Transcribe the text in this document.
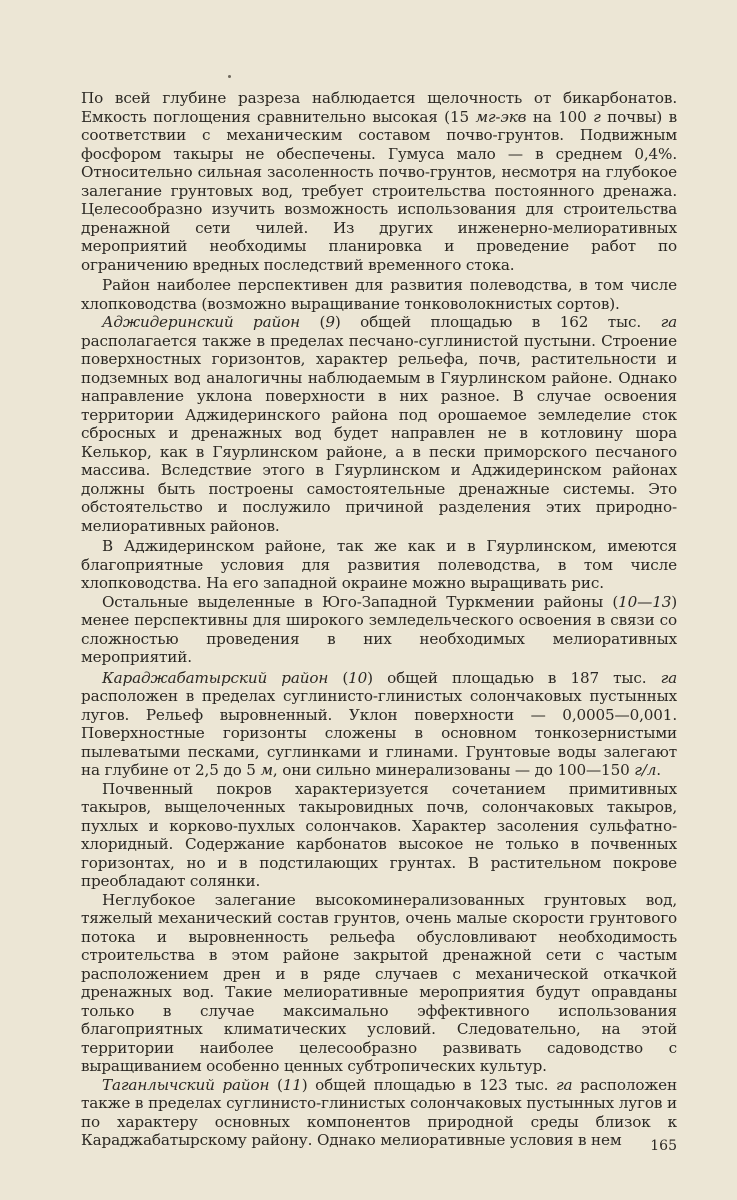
По всей глубине разреза наблюдается щелочность от бикарбонатов. Емкость поглощения сравнительно высокая (15 мг-экв на 100 г почвы) в соответствии с механическим составом почво-грунтов. Подвижным фосфором такыры не обеспечены. Гумуса мало — в среднем 0,4%. Относительно сильная засоленность почво-грунтов, несмотря на глубокое залегание грунтовых вод, требует строительства постоянного дренажа. Целесообразно изучить возможность использования для строительства дренажной сети чилей. Из других инженерно-мелиоративных мероприятий необходимы планировка и проведение работ по ограничению вредных последствий временного стока.

Район наиболее перспективен для развития полеводства, в том числе хлопководства (возможно выращивание тонковолокнистых сортов).

Аджидеринский район (9) общей площадью в 162 тыс. га располагается также в пределах песчано-суглинистой пустыни. Строение поверхностных горизонтов, характер рельефа, почв, растительности и подземных вод аналогичны наблюдаемым в Гяурлинском районе. Однако направление уклона поверхности в них разное. В случае освоения территории Аджидеринского района под орошаемое земледелие сток сбросных и дренажных вод будет направлен не в котловину шора Келькор, как в Гяурлинском районе, а в пески приморского песчаного массива. Вследствие этого в Гяурлинском и Аджидеринском районах должны быть построены самостоятельные дренажные системы. Это обстоятельство и послужило причиной разделения этих природно-мелиоративных районов.

В Аджидеринском районе, так же как и в Гяурлинском, имеются благоприятные условия для развития полеводства, в том числе хлопководства. На его западной окраине можно выращивать рис.

Остальные выделенные в Юго-Западной Туркмении районы (10—13) менее перспективны для широкого земледельческого освоения в связи со сложностью проведения в них необходимых мелиоративных мероприятий.

Караджабатырский район (10) общей площадью в 187 тыс. га расположен в пределах суглинисто-глинистых солончаковых пустынных лугов. Рельеф выровненный. Уклон поверхности — 0,0005—0,001. Поверхностные горизонты сложены в основном тонкозернистыми пылеватыми песками, суглинками и глинами. Грунтовые воды залегают на глубине от 2,5 до 5 м, они сильно минерализованы — до 100—150 г/л.

Почвенный покров характеризуется сочетанием примитивных такыров, выщелоченных такыровидных почв, солончаковых такыров, пухлых и корково-пухлых солончаков. Характер засоления сульфатно-хлоридный. Содержание карбонатов высокое не только в почвенных горизонтах, но и в подстилающих грунтах. В растительном покрове преобладают солянки.

Неглубокое залегание высокоминерализованных грунтовых вод, тяжелый механический состав грунтов, очень малые скорости грунтового потока и выровненность рельефа обусловливают необходимость строительства в этом районе закрытой дренажной сети с частым расположением дрен и в ряде случаев с механической откачкой дренажных вод. Такие мелиоративные мероприятия будут оправданы только в случае максимально эффективного использования благоприятных климатических условий. Следовательно, на этой территории наиболее целесообразно развивать садоводство с выращиванием особенно ценных субтропических культур.

Таганлычский район (11) общей площадью в 123 тыс. га расположен также в пределах суглинисто-глинистых солончаковых пустынных лугов и по характеру основных компонентов природной среды близок к Караджабатырскому району. Однако мелиоративные условия в нем	165
